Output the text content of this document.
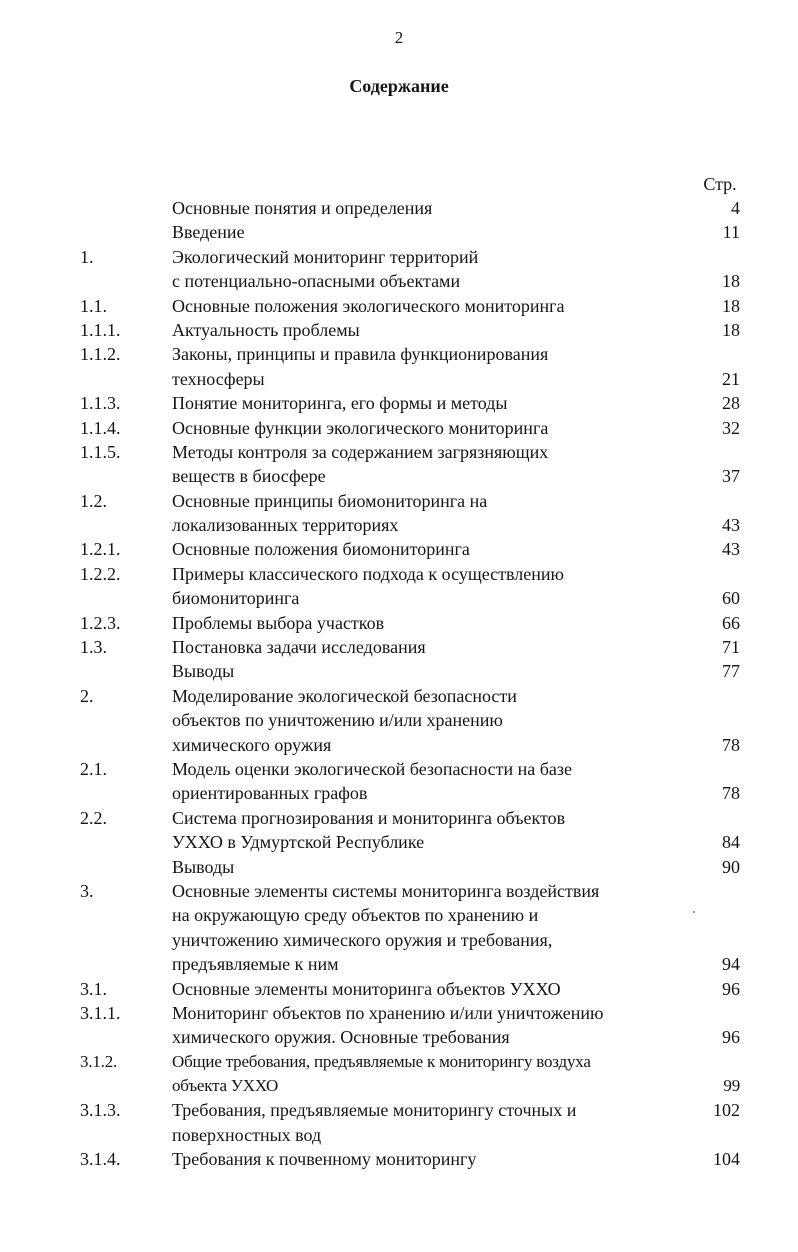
2
Содержание
Стр.
Основные понятия и определения	4
Введение	11
1.	Экологический мониторинг территорий
с потенциально-опасными объектами	18
1.1.	Основные положения экологического мониторинга	18
1.1.1.	Актуальность проблемы	18
1.1.2.	Законы, принципы и правила функционирования
техносферы	21
1.1.3.	Понятие мониторинга, его формы и методы	28
1.1.4.	Основные функции экологического мониторинга	32
1.1.5.	Методы контроля за содержанием загрязняющих
веществ в биосфере	37
1.2.	Основные принципы биомониторинга на
локализованных территориях	43
1.2.1.	Основные положения биомониторинга	43
1.2.2.	Примеры классического подхода к осуществлению
биомониторинга	60
1.2.3.	Проблемы выбора участков	66
1.3.	Постановка задачи исследования	71
Выводы	77
2.	Моделирование экологической безопасности
объектов по уничтожению и/или хранению
химического оружия	78
2.1.	Модель оценки экологической безопасности на базе
ориентированных графов	78
2.2.	Система прогнозирования и мониторинга объектов
УХХО в Удмуртской Республике	84
Выводы	90
3.	Основные элементы системы мониторинга воздействия
на окружающую среду объектов по хранению и
уничтожению химического оружия и требования,
предъявляемые к ним	94
3.1.	Основные элементы мониторинга объектов УХХО	96
3.1.1.	Мониторинг объектов по хранению и/или уничтожению
химического оружия. Основные требования	96
3.1.2.	Общие требования, предъявляемые к мониторингу воздуха
объекта УХХО	99
3.1.3.	Требования, предъявляемые мониторингу сточных и	102
поверхностных вод
3.1.4.	Требования к почвенному мониторингу	104
